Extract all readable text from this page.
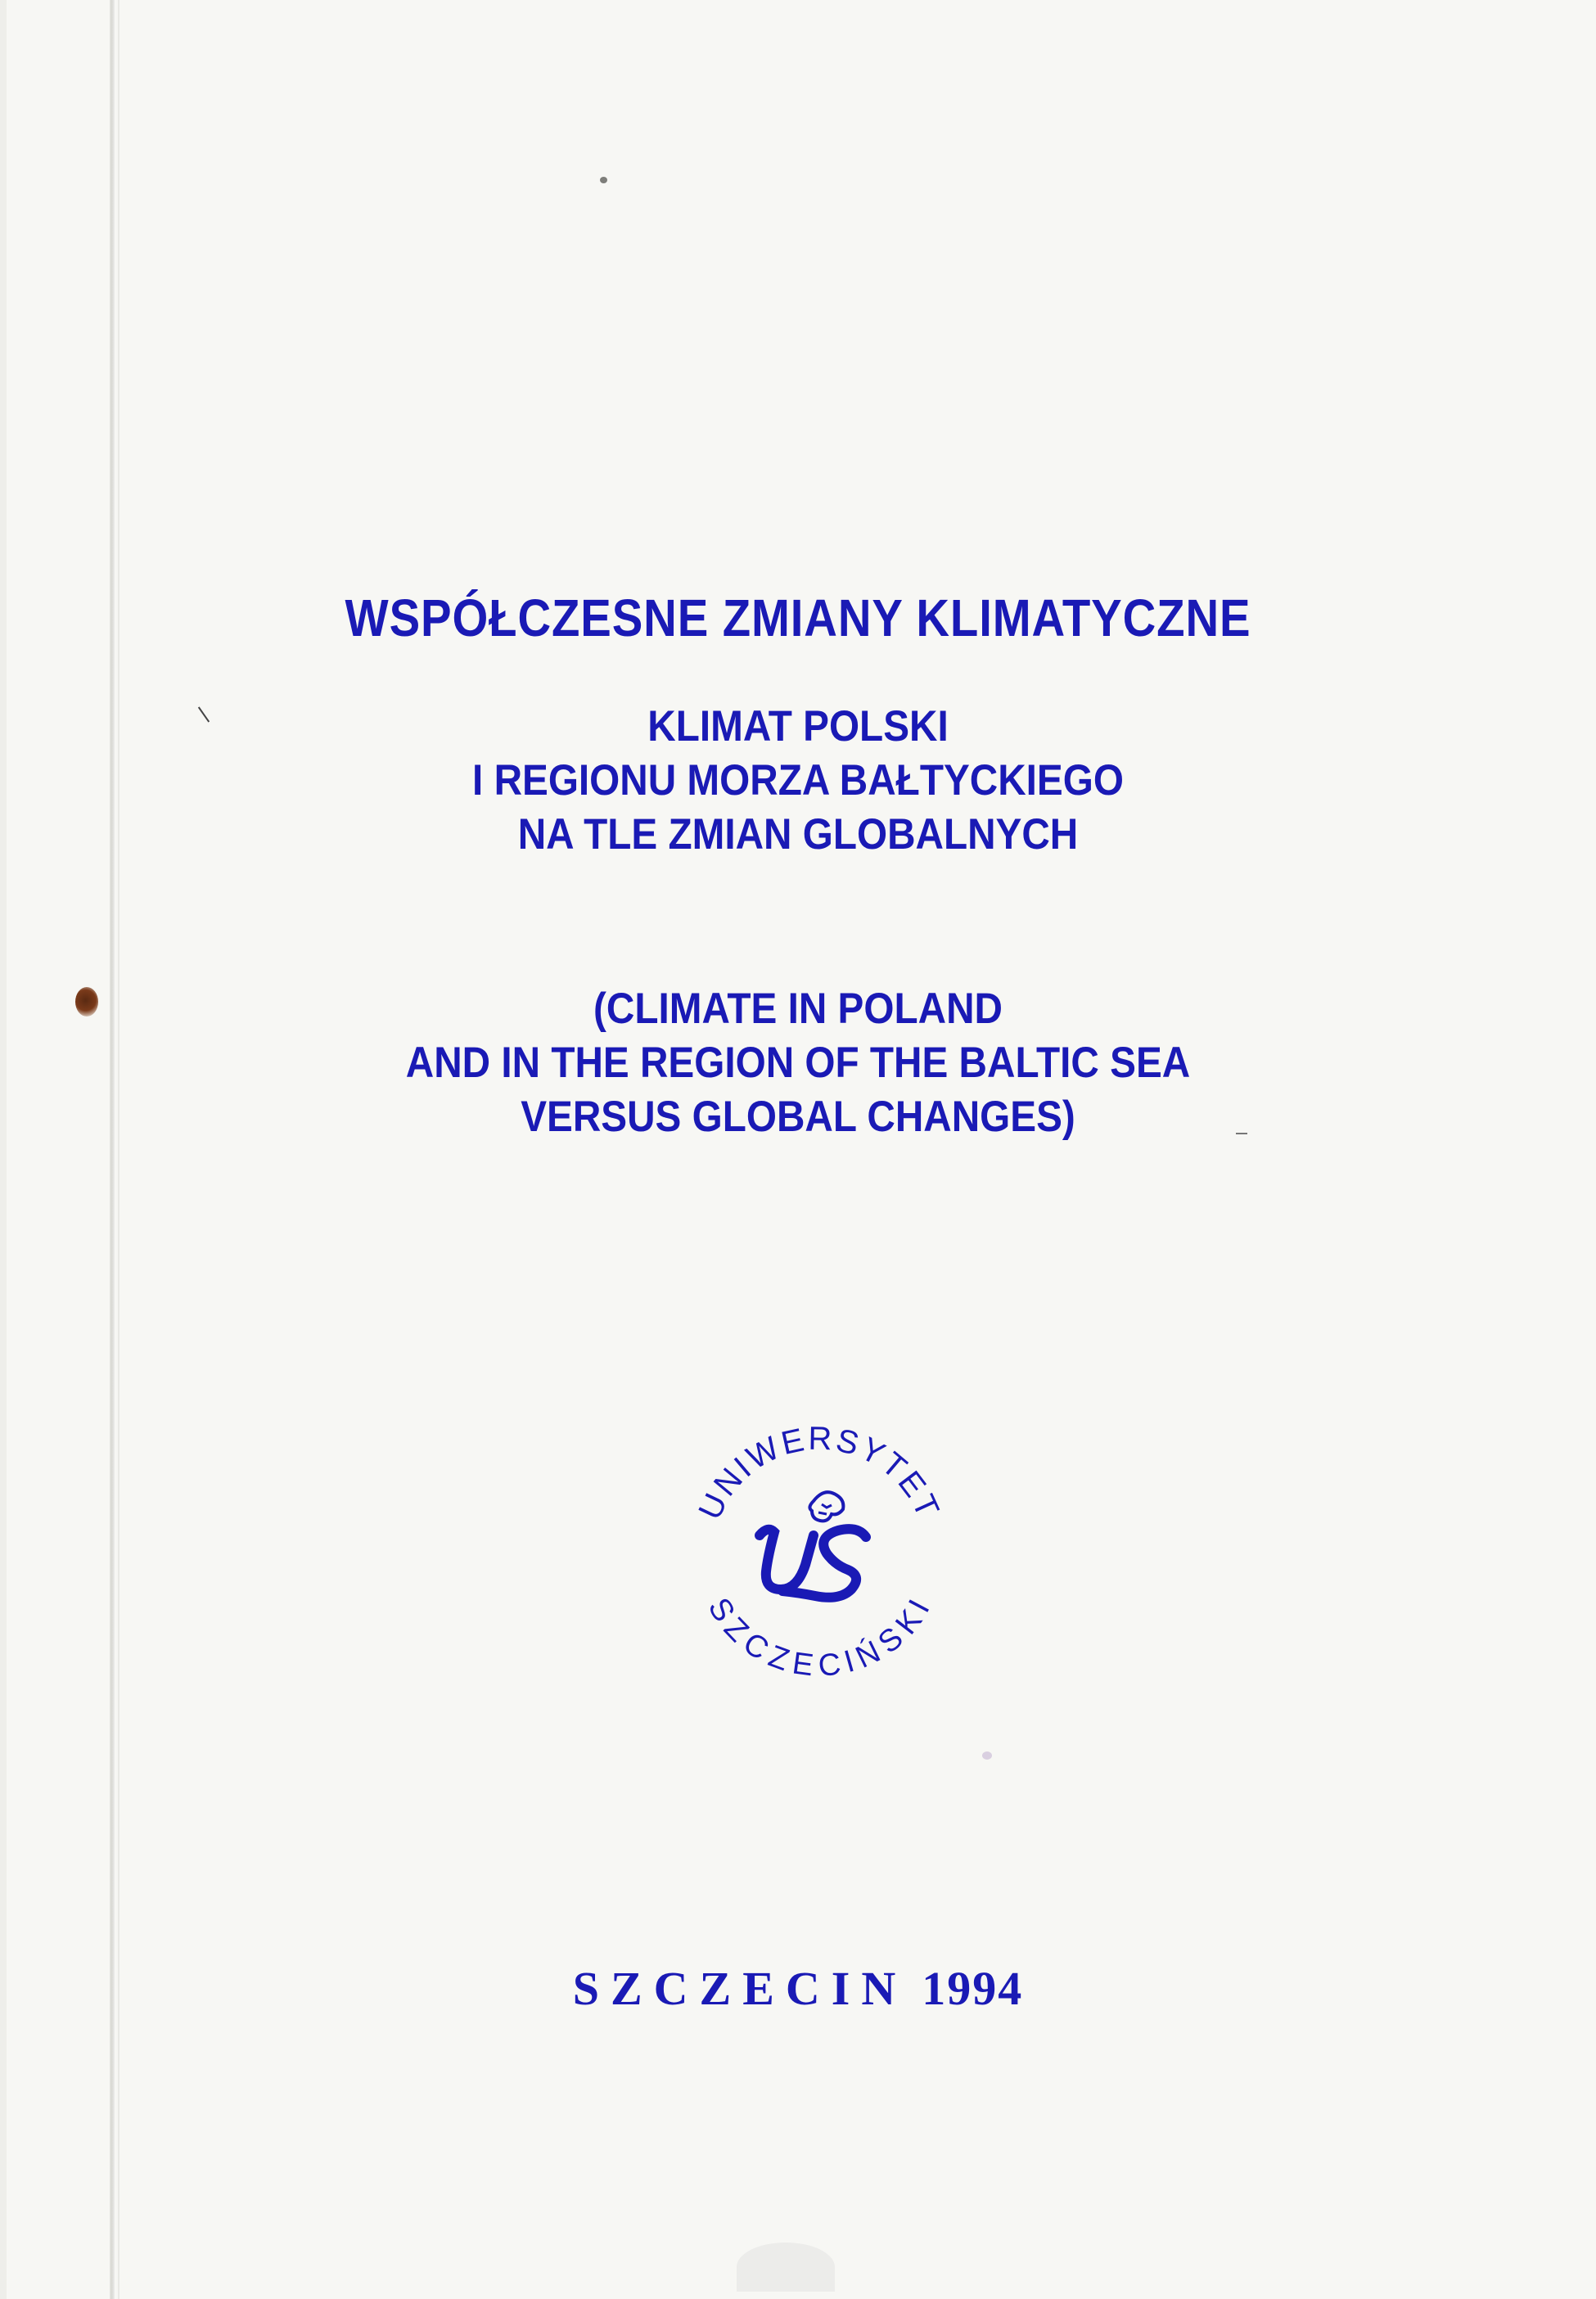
WSPÓŁCZESNE ZMIANY KLIMATYCZNE
KLIMAT POLSKI
I REGIONU MORZA BAŁTYCKIEGO
NA TLE ZMIAN GLOBALNYCH
(CLIMATE IN POLAND
AND IN THE REGION OF THE BALTIC SEA
VERSUS GLOBAL CHANGES)
UNIWERSYTET
SZCZECIŃSKI
SZCZECIN 1994
